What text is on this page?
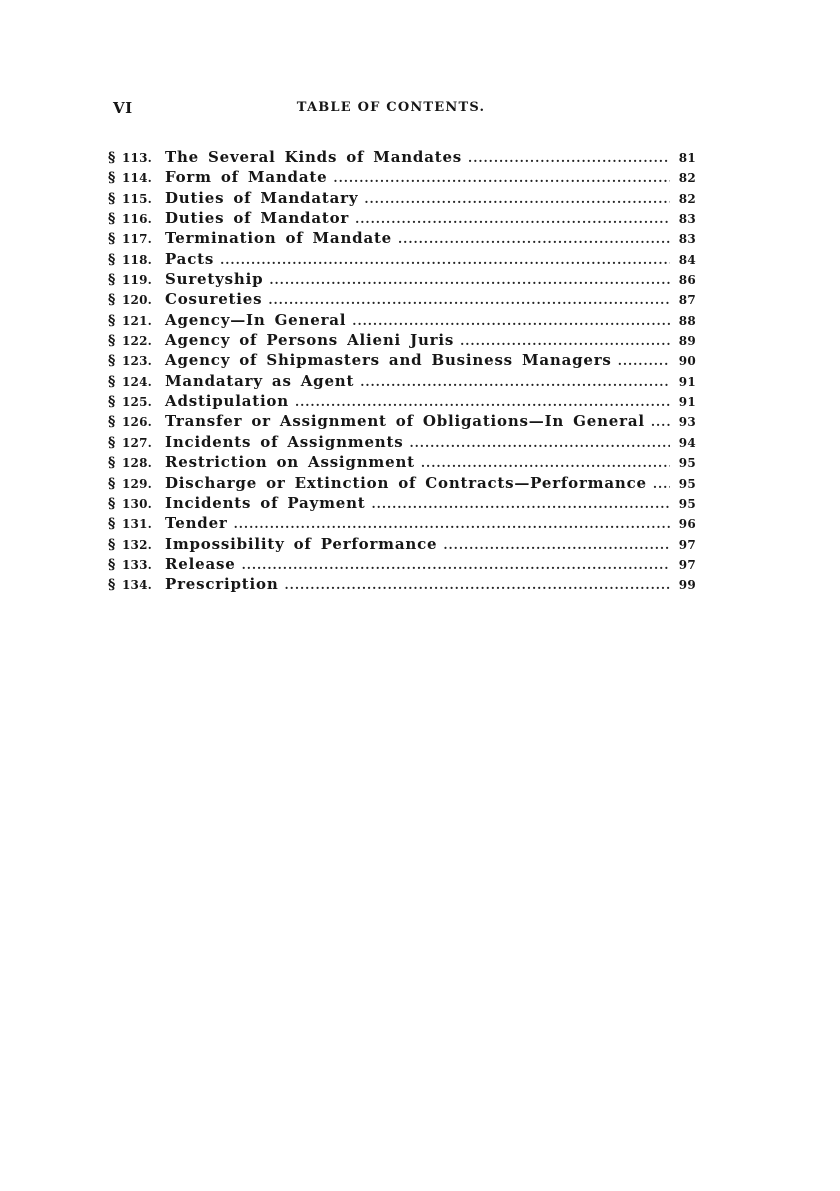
VI	TABLE OF CONTENTS.
§ 113. The Several Kinds of Mandates . . .	81
§ 114. Form of Mandate . . .	82
§ 115. Duties of Mandatary . . .	82
§ 116. Duties of Mandator . . .	83
§ 117. Termination of Mandate . . .	83
§ 118. Pacts . . .	84
§ 119. Suretyship . . .	86
§ 120. Cosureties . . .	87
§ 121. Agency—In General . . .	88
§ 122. Agency of Persons Alieni Juris . . .	89
§ 123. Agency of Shipmasters and Business Managers . . .	90
§ 124. Mandatary as Agent . . .	91
§ 125. Adstipulation . . .	91
§ 126. Transfer or Assignment of Obligations—In General . . .	93
§ 127. Incidents of Assignments . . .	94
§ 128. Restriction on Assignment . . .	95
§ 129. Discharge or Extinction of Contracts—Performance . . .	95
§ 130. Incidents of Payment . . .	95
§ 131. Tender . . .	96
§ 132. Impossibility of Performance . . .	97
§ 133. Release . . .	97
§ 134. Prescription . . .	99
